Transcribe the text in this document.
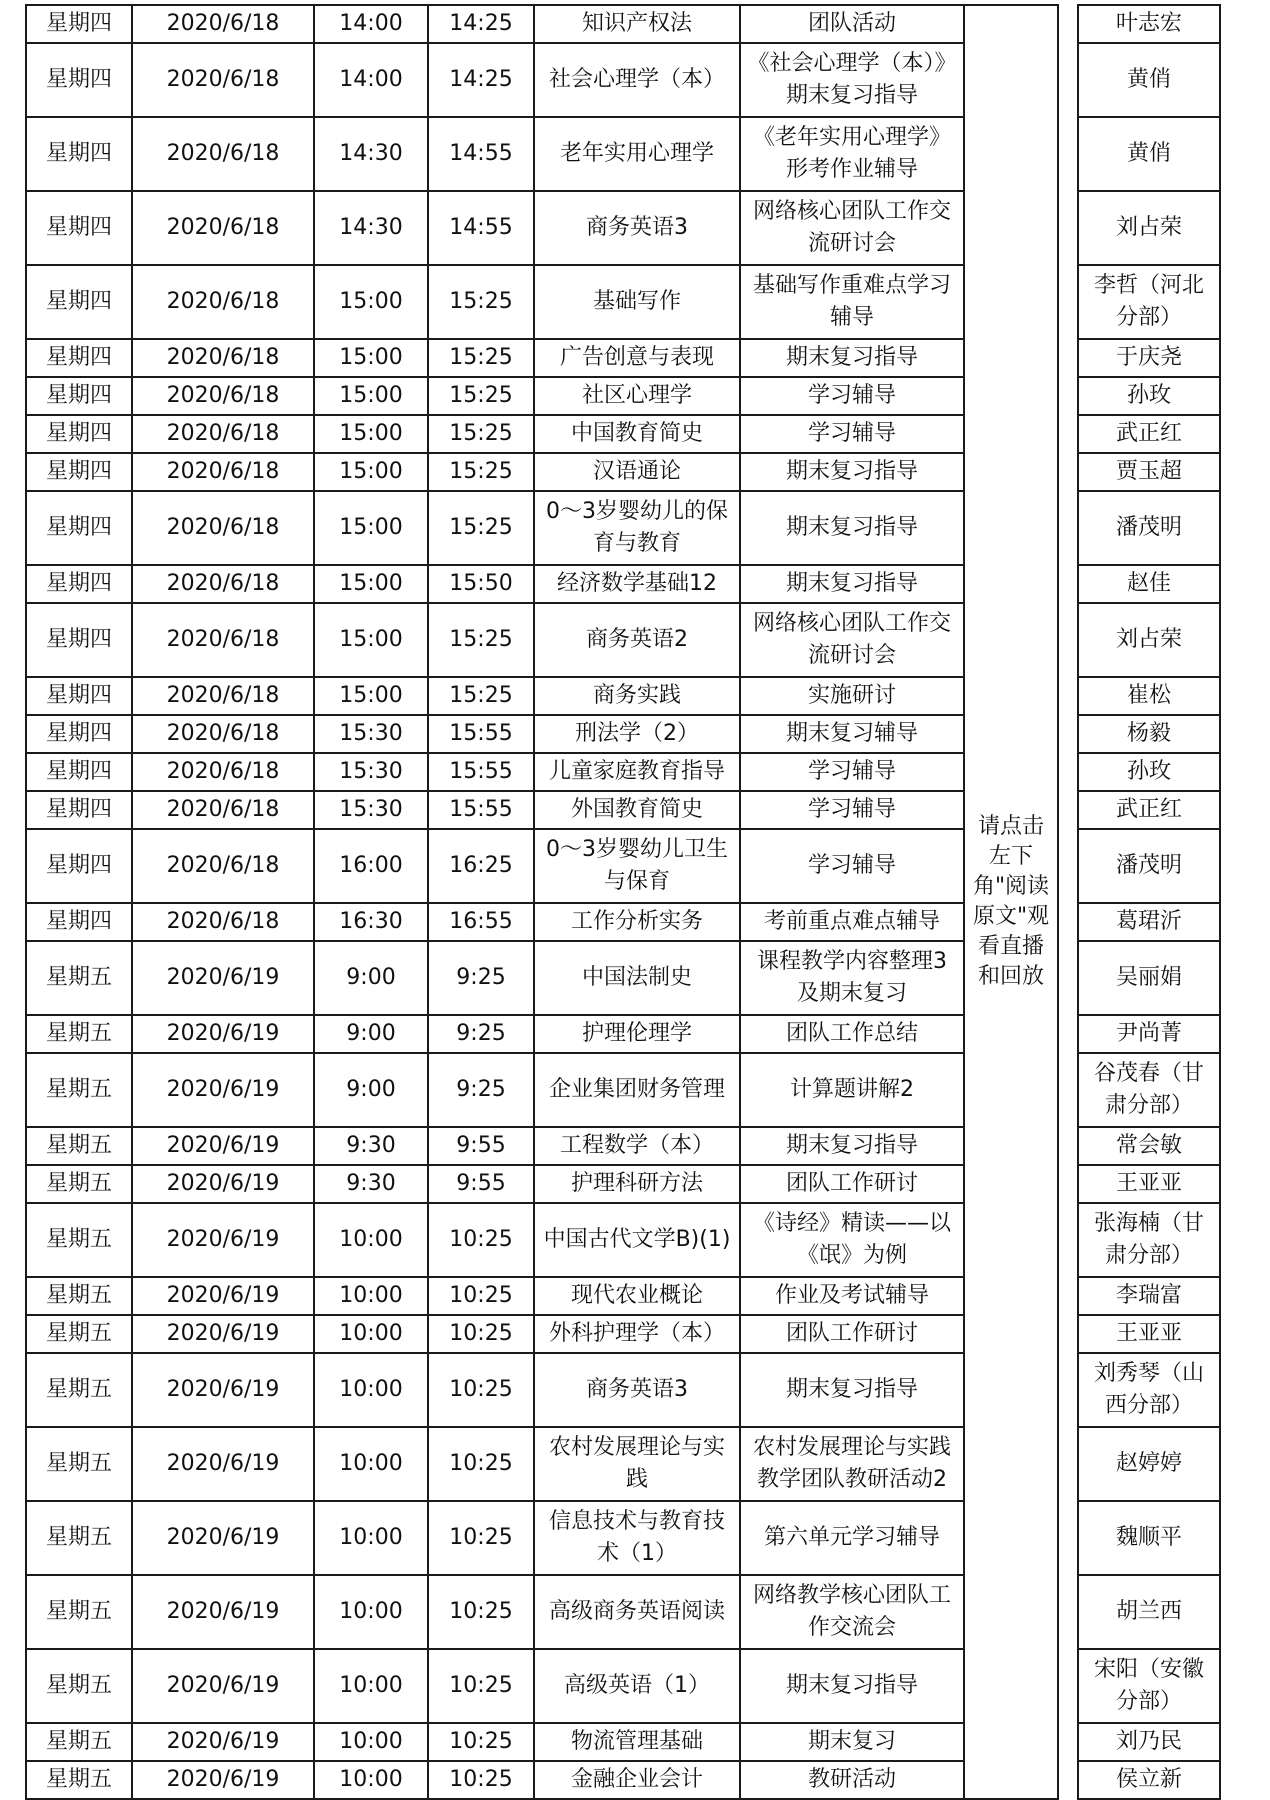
星期四	2020/6/18	14:00	14:25	知识产权法	团队活动	请点击左下角"阅读原文"观看直播和回放		叶志宏
星期四	2020/6/18	14:00	14:25	社会心理学（本）	《社会心理学（本）》期末复习指导			黄俏
星期四	2020/6/18	14:30	14:55	老年实用心理学	《老年实用心理学》形考作业辅导			黄俏
星期四	2020/6/18	14:30	14:55	商务英语3	网络核心团队工作交流研讨会			刘占荣
星期四	2020/6/18	15:00	15:25	基础写作	基础写作重难点学习辅导			李哲（河北分部）
星期四	2020/6/18	15:00	15:25	广告创意与表现	期末复习指导			于庆尧
星期四	2020/6/18	15:00	15:25	社区心理学	学习辅导			孙玫
星期四	2020/6/18	15:00	15:25	中国教育简史	学习辅导			武正红
星期四	2020/6/18	15:00	15:25	汉语通论	期末复习指导			贾玉超
星期四	2020/6/18	15:00	15:25	0～3岁婴幼儿的保育与教育	期末复习指导			潘茂明
星期四	2020/6/18	15:00	15:50	经济数学基础12	期末复习指导			赵佳
星期四	2020/6/18	15:00	15:25	商务英语2	网络核心团队工作交流研讨会			刘占荣
星期四	2020/6/18	15:00	15:25	商务实践	实施研讨			崔松
星期四	2020/6/18	15:30	15:55	刑法学（2）	期末复习辅导			杨毅
星期四	2020/6/18	15:30	15:55	儿童家庭教育指导	学习辅导			孙玫
星期四	2020/6/18	15:30	15:55	外国教育简史	学习辅导			武正红
星期四	2020/6/18	16:00	16:25	0～3岁婴幼儿卫生与保育	学习辅导			潘茂明
星期四	2020/6/18	16:30	16:55	工作分析实务	考前重点难点辅导			葛珺沂
星期五	2020/6/19	9:00	9:25	中国法制史	课程教学内容整理3及期末复习			吴丽娟
星期五	2020/6/19	9:00	9:25	护理伦理学	团队工作总结			尹尚菁
星期五	2020/6/19	9:00	9:25	企业集团财务管理	计算题讲解2			谷茂春（甘肃分部）
星期五	2020/6/19	9:30	9:55	工程数学（本）	期末复习指导			常会敏
星期五	2020/6/19	9:30	9:55	护理科研方法	团队工作研讨			王亚亚
星期五	2020/6/19	10:00	10:25	中国古代文学B)(1)	《诗经》精读——以《氓》为例			张海楠（甘肃分部）
星期五	2020/6/19	10:00	10:25	现代农业概论	作业及考试辅导			李瑞富
星期五	2020/6/19	10:00	10:25	外科护理学（本）	团队工作研讨			王亚亚
星期五	2020/6/19	10:00	10:25	商务英语3	期末复习指导			刘秀琴（山西分部）
星期五	2020/6/19	10:00	10:25	农村发展理论与实践	农村发展理论与实践教学团队教研活动2			赵婷婷
星期五	2020/6/19	10:00	10:25	信息技术与教育技术（1）	第六单元学习辅导			魏顺平
星期五	2020/6/19	10:00	10:25	高级商务英语阅读	网络教学核心团队工作交流会			胡兰西
星期五	2020/6/19	10:00	10:25	高级英语（1）	期末复习指导			宋阳（安徽分部）
星期五	2020/6/19	10:00	10:25	物流管理基础	期末复习			刘乃民
星期五	2020/6/19	10:00	10:25	金融企业会计	教研活动			侯立新
